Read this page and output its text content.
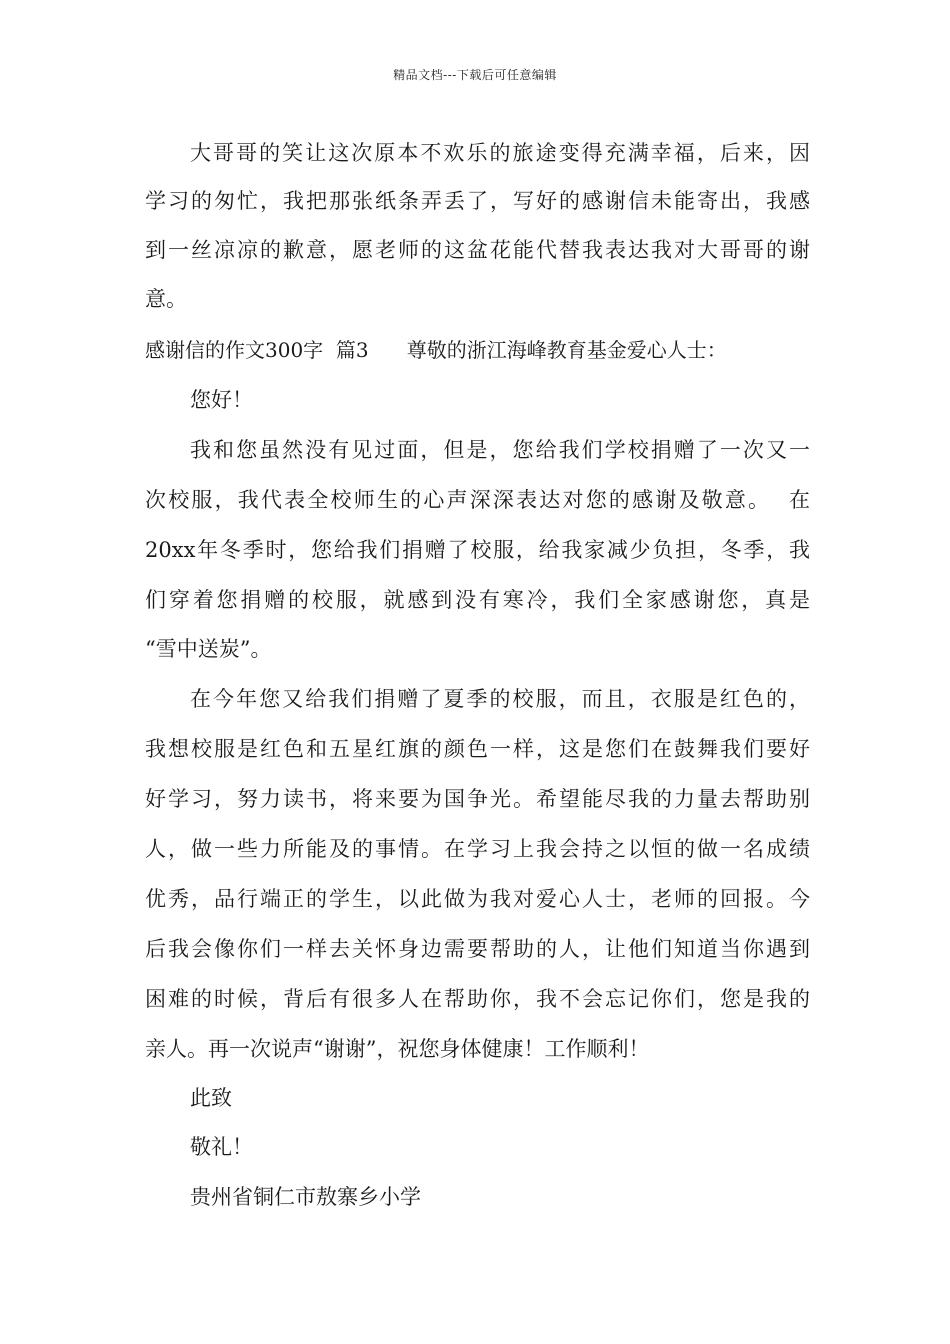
精品文档---下载后可任意编辑
大哥哥的笑让这次原本不欢乐的旅途变得充满幸福，后来，因
学习的匆忙，我把那张纸条弄丢了，写好的感谢信未能寄出，我感
到一丝凉凉的歉意，愿老师的这盆花能代替我表达我对大哥哥的谢
意。
感谢信的作文300字  篇3      尊敬的浙江海峰教育基金爱心人士：
您好！
我和您虽然没有见过面，但是，您给我们学校捐赠了一次又一
次校服，我代表全校师生的心声深深表达对您的感谢及敬意。  在
20xx年冬季时，您给我们捐赠了校服，给我家减少负担，冬季，我
们穿着您捐赠的校服，就感到没有寒冷，我们全家感谢您，真是
“雪中送炭”。
在今年您又给我们捐赠了夏季的校服，而且，衣服是红色的，
我想校服是红色和五星红旗的颜色一样，这是您们在鼓舞我们要好
好学习，努力读书，将来要为国争光。希望能尽我的力量去帮助别
人，做一些力所能及的事情。在学习上我会持之以恒的做一名成绩
优秀，品行端正的学生，以此做为我对爱心人士，老师的回报。今
后我会像你们一样去关怀身边需要帮助的人，让他们知道当你遇到
困难的时候，背后有很多人在帮助你，我不会忘记你们，您是我的
亲人。再一次说声“谢谢”，祝您身体健康！工作顺利！
此致
敬礼！
贵州省铜仁市敖寨乡小学
